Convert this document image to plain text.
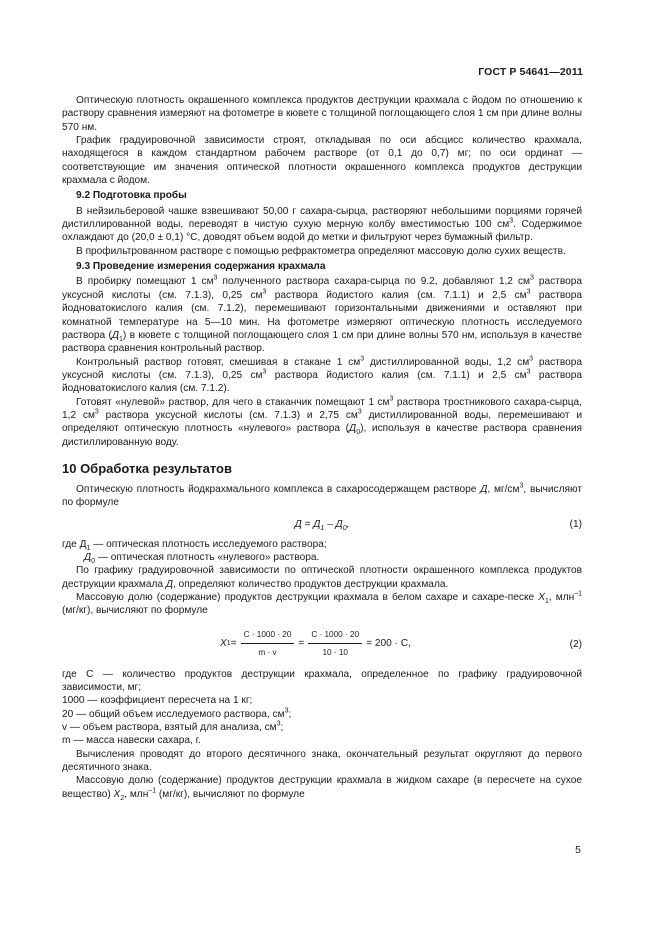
ГОСТ Р 54641—2011

Оптическую плотность окрашенного комплекса продуктов деструкции крахмала с йодом по отношению к раствору сравнения измеряют на фотометре в кювете с толщиной поглощающего слоя 1 см при длине волны 570 нм.

График градуировочной зависимости строят, откладывая по оси абсцисс количество крахмала, находящегося в каждом стандартном рабочем растворе (от 0,1 до 0,7) мг; по оси ординат — соответствующие им значения оптической плотности окрашенного комплекса продуктов деструкции крахмала с йодом.

9.2 Подготовка пробы

В нейзильберовой чашке взвешивают 50,00 г сахара-сырца, растворяют небольшими порциями горячей дистиллированной воды, переводят в чистую сухую мерную колбу вместимостью 100 $см^3$. Содержимое охлаждают до (20,0 ± 0,1) °С, доводят объем водой до метки и фильтруют через бумажный фильтр.

В профильтрованном растворе с помощью рефрактометра определяют массовую долю сухих веществ.

9.3 Проведение измерения содержания крахмала

В пробирку помещают 1 $см^3$ полученного раствора сахара-сырца по 9.2, добавляют 1,2 $см^3$ раствора уксусной кислоты (см. 7.1.3), 0,25 $см^3$ раствора йодистого калия (см. 7.1.1) и 2,5 $см^3$ раствора йодноватокислого калия (см. 7.1.2), перемешивают горизонтальными движениями и оставляют при комнатной температуре на 5—10 мин. На фотометре измеряют оптическую плотность исследуемого раствора $(Д_1)$ в кювете с толщиной поглощающего слоя 1 см при длине волны 570 нм, используя в качестве раствора сравнения контрольный раствор.

Контрольный раствор готовят, смешивая в стакане 1 $см^3$ дистиллированной воды, 1,2 $см^3$ раствора уксусной кислоты (см. 7.1.3), 0,25 $см^3$ раствора йодистого калия (см. 7.1.1) и 2,5 $см^3$ раствора йодноватокислого калия (см. 7.1.2).

Готовят «нулевой» раствор, для чего в стаканчик помещают 1 $см^3$ раствора тростникового сахара-сырца, 1,2 $см^3$ раствора уксусной кислоты (см. 7.1.3) и 2,75 $см^3$ дистиллированной воды, перемешивают и определяют оптическую плотность «нулевого» раствора $(Д_0)$, используя в качестве раствора сравнения дистиллированную воду.

10 Обработка результатов

Оптическую плотность йодкрахмального комплекса в сахаросодержащем растворе Д, $мг/см^3$, вычисляют по формуле

$Д = Д_1 - Д_0$,	(1)

где $Д_1$ — оптическая плотность исследуемого раствора;

$Д_0$ — оптическая плотность «нулевого» раствора.

По графику градуировочной зависимости по оптической плотности окрашенного комплекса продуктов деструкции крахмала Д, определяют количество продуктов деструкции крахмала.

Массовую долю (содержание) продуктов деструкции крахмала в белом сахаре и сахаре-песке $X_1$, млн$^{-1}$ (мг/кг), вычисляют по формуле

X $1 = \frac{C \cdot 1000 \cdot 20}{m \cdot v} = \frac{C \cdot 1000 \cdot 20}{10 \cdot 10} = 200 \cdot C$,	(2)

где C — количество продуктов деструкции крахмала, определенное по графику градуировочной зависимости, мг;

1000 — коэффициент пересчета на 1 кг;

20 — общий объем исследуемого раствора, $см^3$;

v — объем раствора, взятый для анализа, $см^3$;

m — масса навески сахара, г.

Вычисления проводят до второго десятичного знака, окончательный результат округляют до первого десятичного знака.

Массовую долю (содержание) продуктов деструкции крахмала в жидком сахаре (в пересчете на сухое вещество) $X_2$, млн$^{-1}$ (мг/кг), вычисляют по формуле

5
